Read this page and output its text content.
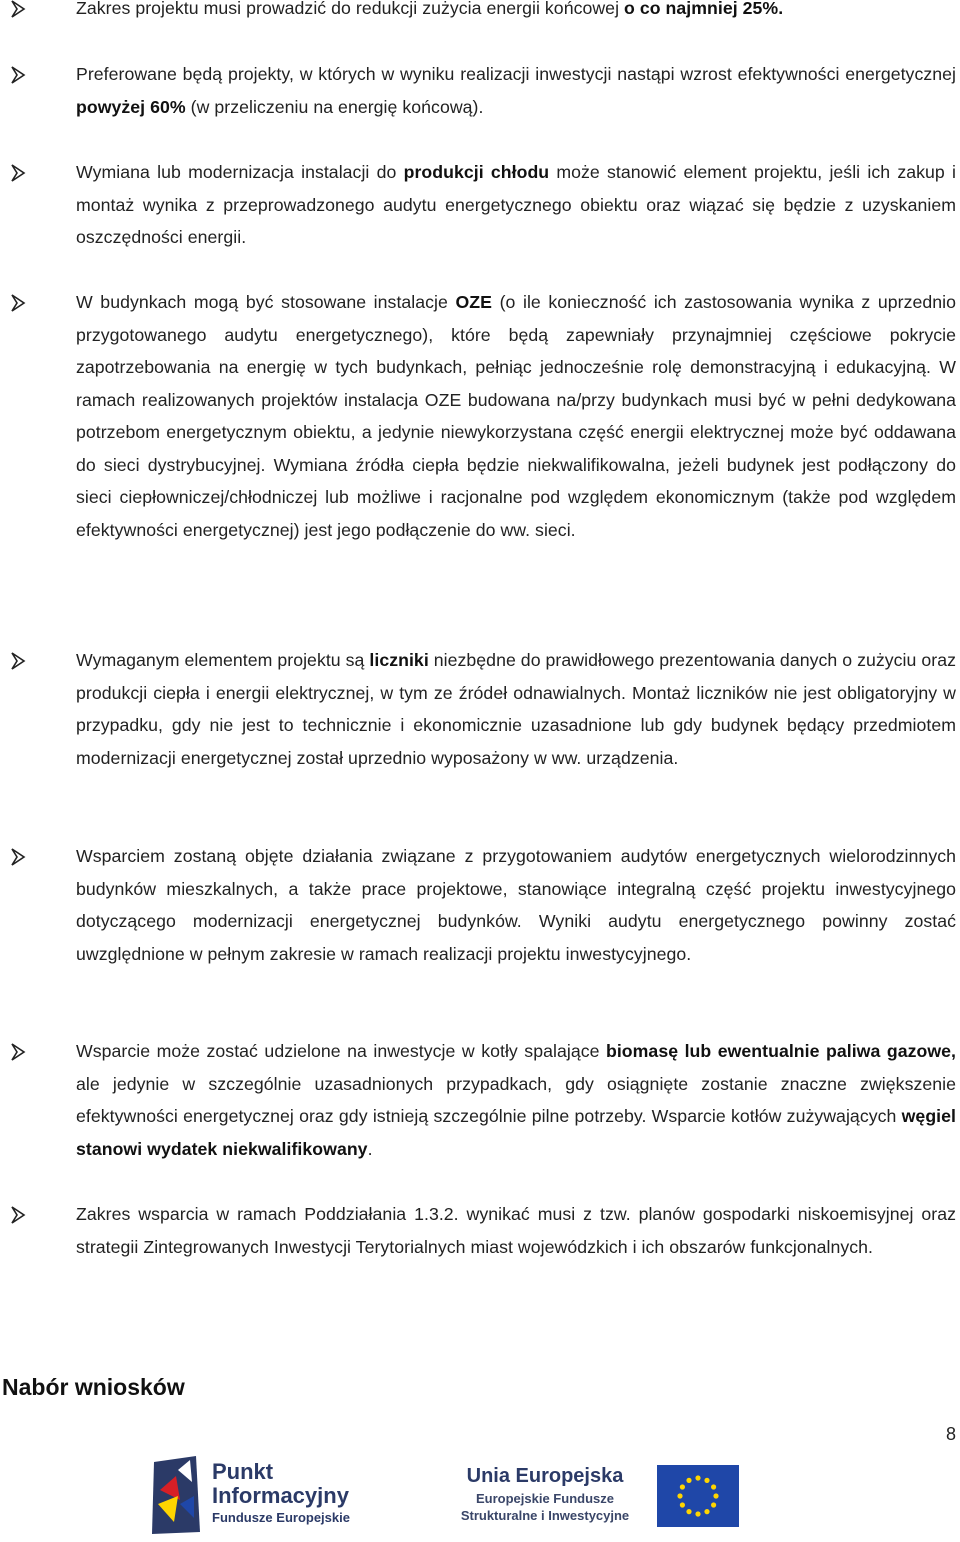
Zakres projektu musi prowadzić do redukcji zużycia energii końcowej o co najmniej 25%.

Preferowane będą projekty, w których w wyniku realizacji inwestycji nastąpi wzrost efektywności energetycznej powyżej 60% (w przeliczeniu na energię końcową).

Wymiana lub modernizacja instalacji do produkcji chłodu może stanowić element projektu, jeśli ich zakup i montaż wynika z przeprowadzonego audytu energetycznego obiektu oraz wiązać się będzie z uzyskaniem oszczędności energii.

W budynkach mogą być stosowane instalacje OZE (o ile konieczność ich zastosowania wynika z uprzednio przygotowanego audytu energetycznego), które będą zapewniały przynajmniej częściowe pokrycie zapotrzebowania na energię w tych budynkach, pełniąc jednocześnie rolę demonstracyjną i edukacyjną. W ramach realizowanych projektów instalacja OZE budowana na/przy budynkach musi być w pełni dedykowana potrzebom energetycznym obiektu, a jedynie niewykorzystana część energii elektrycznej może być oddawana do sieci dystrybucyjnej. Wymiana źródła ciepła będzie niekwalifikowalna, jeżeli budynek jest podłączony do sieci ciepłowniczej/chłodniczej lub możliwe i racjonalne pod względem ekonomicznym (także pod względem efektywności energetycznej) jest jego podłączenie do ww. sieci.

Wymaganym elementem projektu są liczniki niezbędne do prawidłowego prezentowania danych o zużyciu oraz produkcji ciepła i energii elektrycznej, w tym ze źródeł odnawialnych. Montaż liczników nie jest obligatoryjny w przypadku, gdy nie jest to technicznie i ekonomicznie uzasadnione lub gdy budynek będący przedmiotem modernizacji energetycznej został uprzednio wyposażony w ww. urządzenia.

Wsparciem zostaną objęte działania związane z przygotowaniem audytów energetycznych wielorodzinnych budynków mieszkalnych, a także prace projektowe, stanowiące integralną część projektu inwestycyjnego dotyczącego modernizacji energetycznej budynków. Wyniki audytu energetycznego powinny zostać uwzględnione w pełnym zakresie w ramach realizacji projektu inwestycyjnego.

Wsparcie może zostać udzielone na inwestycje w kotły spalające biomasę lub ewentualnie paliwa gazowe, ale jedynie w szczególnie uzasadnionych przypadkach, gdy osiągnięte zostanie znaczne zwiększenie efektywności energetycznej oraz gdy istnieją szczególnie pilne potrzeby. Wsparcie kotłów zużywających węgiel stanowi wydatek niekwalifikowany.

Zakres wsparcia w ramach Poddziałania 1.3.2. wynikać musi z tzw. planów gospodarki niskoemisyjnej oraz strategii Zintegrowanych Inwestycji Terytorialnych miast wojewódzkich i ich obszarów funkcjonalnych.

Nabór wniosków
8
Punkt
Informacyjny
Fundusze Europejskie
Unia Europejska
Europejskie Fundusze
Strukturalne i Inwestycyjne
